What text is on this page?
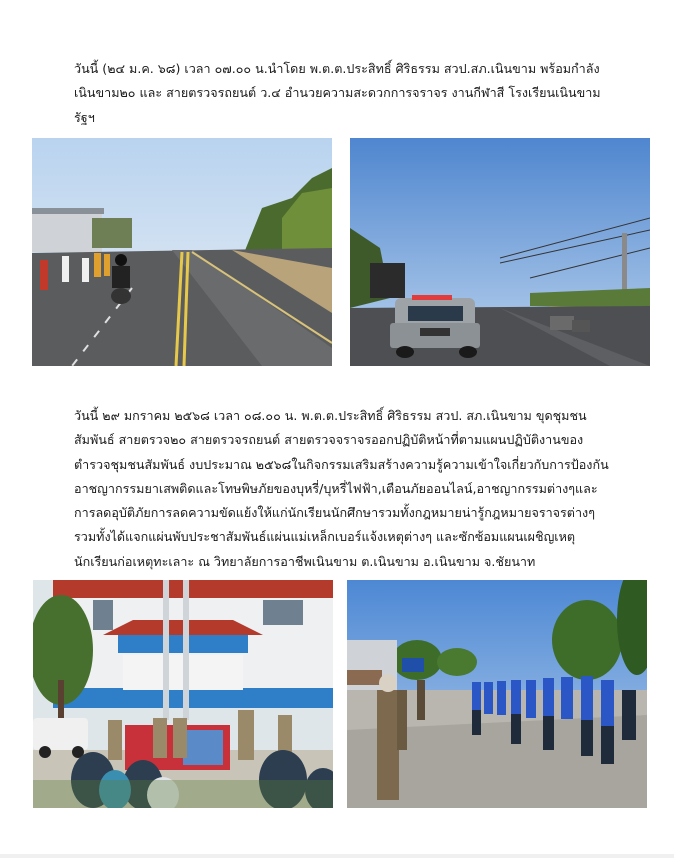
วันนี้ (๒๔ ม.ค. ๖๘) เวลา ๐๗.๐๐ น.นำโดย พ.ต.ต.ประสิทธิ์ ศิริธรรม สวป.สภ.เนินขาม พร้อมกำลัง
เนินขาม๒๐ และ สายตรวจรถยนต์ ว.๔ อำนวยความสะดวกการจราจร งานกีฬาสี โรงเรียนเนินขาม
รัฐฯ
วันนี้ ๒๙ มกราคม ๒๕๖๘ เวลา ๐๘.๐๐ น. พ.ต.ต.ประสิทธิ์ ศิริธรรม สวป. สภ.เนินขาม ขุดชุมชน
สัมพันธ์ สายตรวจ๒๐ สายตรวจรถยนต์ สายตรวจจราจรออกปฏิบัติหน้าที่ตามแผนปฏิบัติงานของ
ตำรวจชุมชนสัมพันธ์ งบประมาณ ๒๕๖๘ในกิจกรรมเสริมสร้างความรู้ความเข้าใจเกี่ยวกับการป้องกัน
อาชญากรรมยาเสพติดและโทษพิษภัยของบุหรี่/บุหรี่ไฟฟ้า,เตือนภัยออนไลน์,อาชญากรรมต่างๆและ
การลดอุบัติภัยการลดความขัดแย้งให้แก่นักเรียนนักศึกษารวมทั้งกฎหมายน่ารู้กฎหมายจราจรต่างๆ
รวมทั้งได้แจกแผ่นพับประชาสัมพันธ์แผ่นแม่เหล็กเบอร์แจ้งเหตุต่างๆ และซักซ้อมแผนเผชิญเหตุ
นักเรียนก่อเหตุทะเลาะ ณ วิทยาลัยการอาชีพเนินขาม ต.เนินขาม อ.เนินขาม จ.ชัยนาท
